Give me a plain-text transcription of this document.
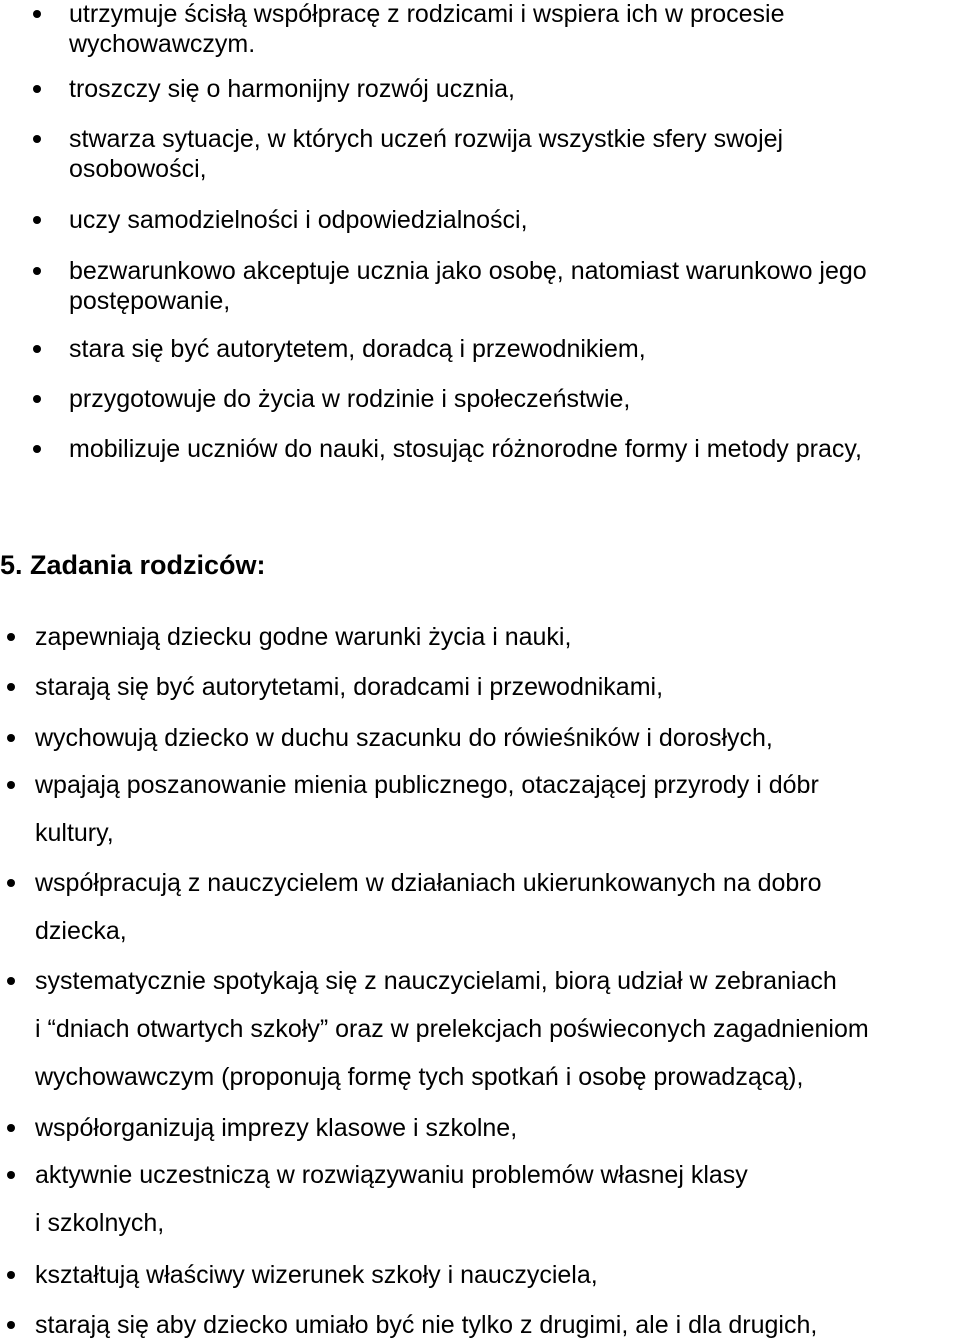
utrzymuje ścisłą współpracę z rodzicami i wspiera ich w procesie
wychowawczym.
troszczy się o harmonijny rozwój ucznia,
stwarza sytuacje, w których uczeń rozwija wszystkie sfery swojej
osobowości,
uczy samodzielności i odpowiedzialności,
bezwarunkowo akceptuje ucznia jako osobę, natomiast warunkowo jego
postępowanie,
stara się być autorytetem, doradcą i przewodnikiem,
przygotowuje do życia w rodzinie i społeczeństwie,
mobilizuje uczniów do nauki, stosując różnorodne formy i metody pracy,
5. Zadania rodziców:
zapewniają dziecku godne warunki życia i nauki,
starają się być autorytetami, doradcami i przewodnikami,
wychowują dziecko w duchu szacunku do rówieśników i dorosłych,
wpajają poszanowanie mienia publicznego, otaczającej przyrody i dóbr
kultury,
współpracują z nauczycielem w działaniach ukierunkowanych na dobro
dziecka,
systematycznie spotykają się z nauczycielami, biorą udział w zebraniach
i “dniach otwartych szkoły” oraz w prelekcjach poświeconych zagadnieniom
wychowawczym (proponują formę tych spotkań i osobę prowadzącą),
współorganizują imprezy klasowe i szkolne,
aktywnie uczestniczą w rozwiązywaniu problemów własnej klasy
i szkolnych,
kształtują właściwy wizerunek szkoły i nauczyciela,
starają się aby dziecko umiało być nie tylko z drugimi, ale i dla drugich,
